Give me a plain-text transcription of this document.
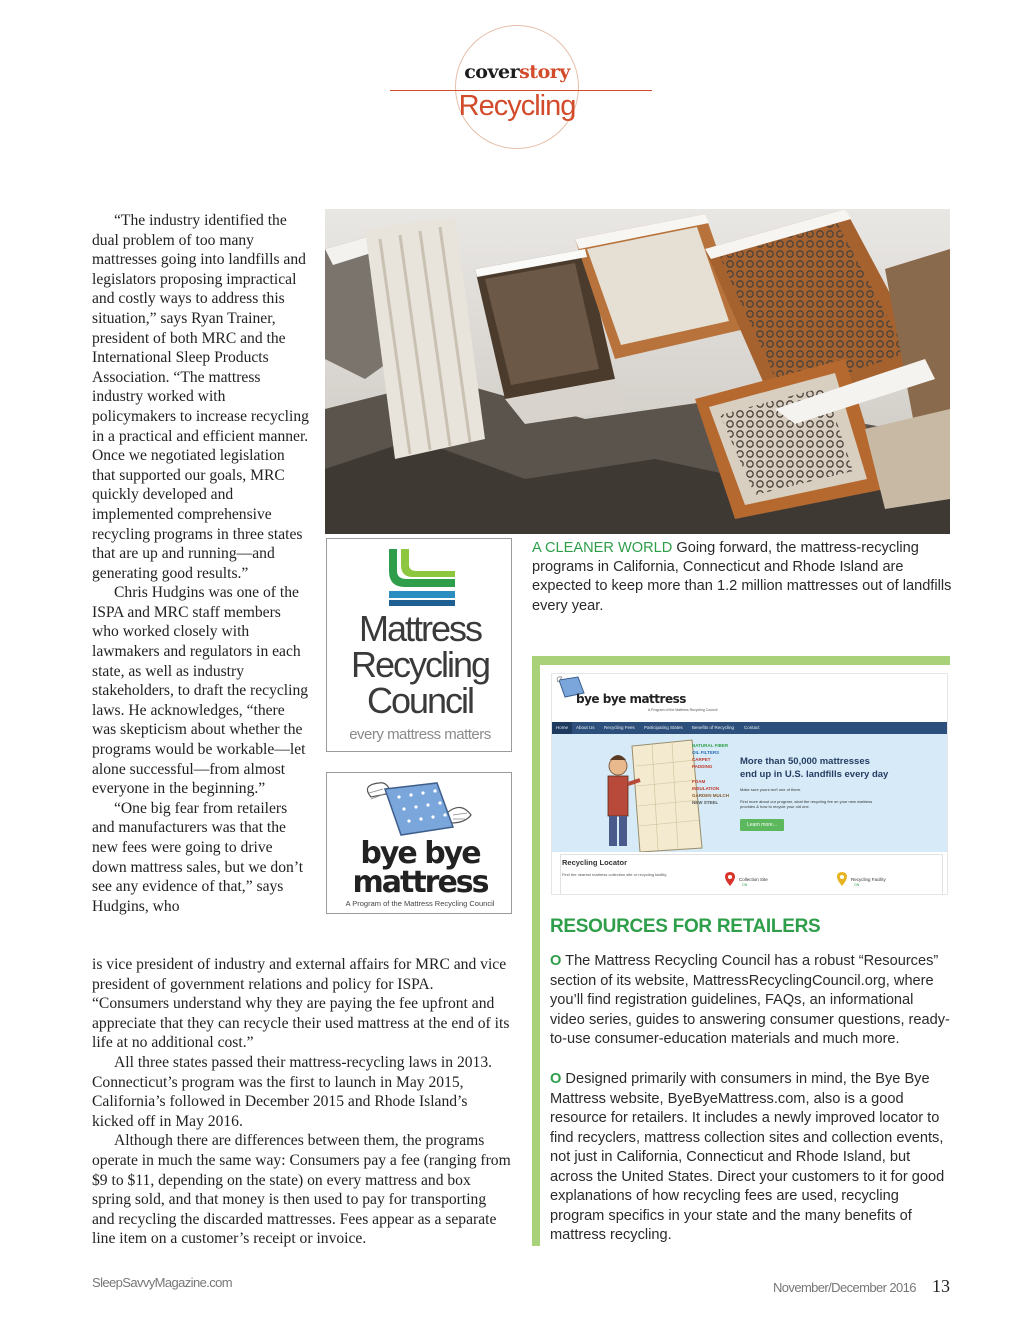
coverstory
Recycling

“The industry identified the dual problem of too many mattresses going into landfills and legislators proposing impractical and costly ways to address this situation,” says Ryan Trainer, president of both MRC and the International Sleep Products Association. “The mattress industry worked with policymakers to increase recycling in a practical and efficient manner. Once we negotiated legislation that supported our goals, MRC quickly developed and implemented comprehensive recycling programs in three states that are up and running—and generating good results.”

Chris Hudgins was one of the ISPA and MRC staff members who worked closely with lawmakers and regulators in each state, as well as industry stakeholders, to draft the recycling laws. He acknowledges, “there was skepticism about whether the programs would be workable—let alone successful—from almost everyone in the beginning.”

“One big fear from retailers and manufacturers was that the new fees were going to drive down mattress sales, but we don’t see any evidence of that,” says Hudgins, who

is vice president of industry and external affairs for MRC and vice president of government relations and policy for ISPA. “Consumers understand why they are paying the fee upfront and appreciate that they can recycle their used mattress at the end of its life at no additional cost.”

All three states passed their mattress-recycling laws in 2013. Connecticut’s program was the first to launch in May 2015, California’s followed in December 2015 and Rhode Island’s kicked off in May 2016.

Although there are differences between them, the programs operate in much the same way: Consumers pay a fee (ranging from $9 to $11, depending on the state) on every mattress and box spring sold, and that money is then used to pay for transporting and recycling the discarded mattresses. Fees appear as a separate line item on a customer’s receipt or invoice.

A CLEANER WORLD Going forward, the mattress-recycling programs in California, Connecticut and Rhode Island are expected to keep more than 1.2 million mattresses out of landfills every year.
Mattress
Recycling
Council
every mattress matters
bye bye
mattress
A Program of the Mattress Recycling Council
bye bye mattress
A Program of the Mattress Recycling Council
Home About Us Recycling Fees Participating States Benefits of Recycling Contact
NATURAL FIBER
OIL FILTERS
CARPET PADDING
FOAM INSULATION
GARDEN MULCH
NEW STEEL
More than 50,000 mattresses
end up in U.S. landfills every day
Make sure yours isn't one of them.
Find more about our program, what the recycling fee on your new mattress provides & how to recycle your old one.
Learn more...
Recycling Locator
Find the nearest mattress collection site or recycling facility:
Collection Site
ON
Recycling Facility
ON
RESOURCES FOR RETAILERS
O The Mattress Recycling Council has a robust “Resources” section of its website, MattressRecyclingCouncil.org, where you’ll find registration guidelines, FAQs, an informational video series, guides to answering consumer questions, ready-to-use consumer-education materials and much more.
O Designed primarily with consumers in mind, the Bye Bye Mattress website, ByeByeMattress.com, also is a good resource for retailers. It includes a newly improved locator to find recyclers, mattress collection sites and collection events, not just in California, Connecticut and Rhode Island, but across the United States. Direct your customers to it for good explanations of how recycling fees are used, recycling program specifics in your state and the many benefits of mattress recycling.
SleepSavvyMagazine.com	November/December 2016 13
